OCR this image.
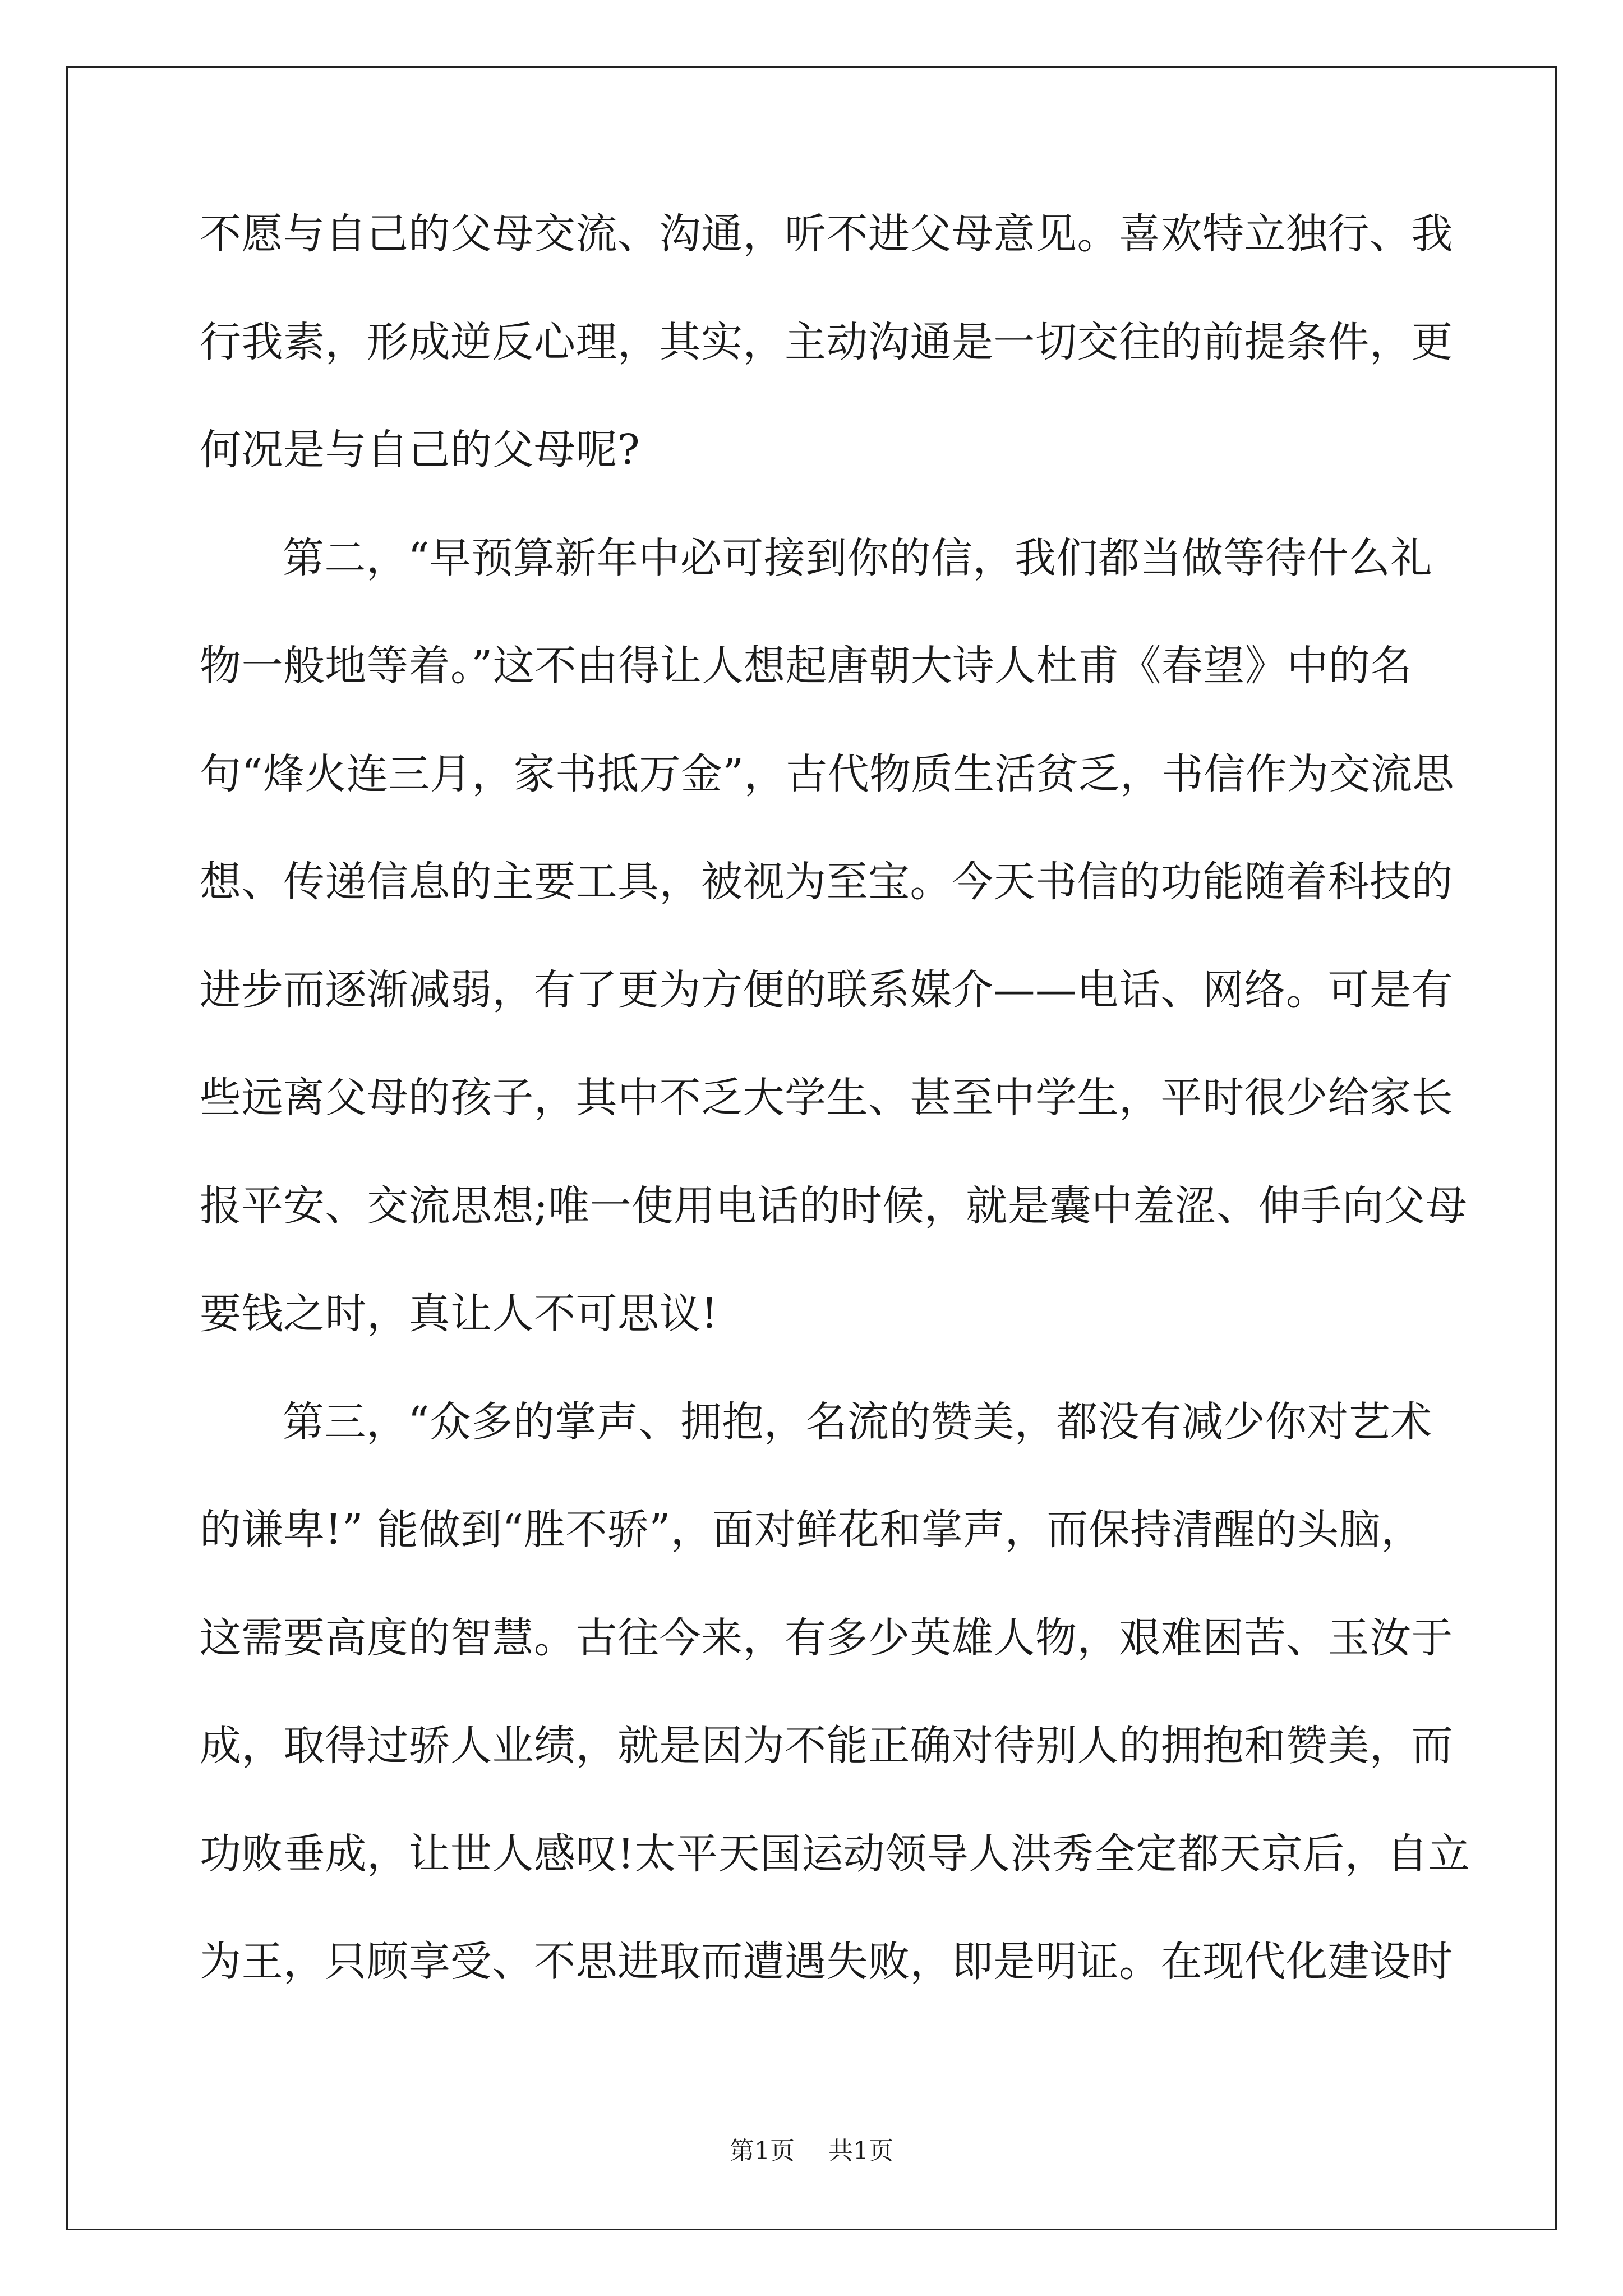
不愿与自己的父母交流、沟通，听不进父母意见。喜欢特立独行、我
行我素，形成逆反心理，其实，主动沟通是一切交往的前提条件，更
何况是与自己的父母呢?
第二，“早预算新年中必可接到你的信，我们都当做等待什么礼
物一般地等着。”这不由得让人想起唐朝大诗人杜甫《春望》中的名
句“烽火连三月，家书抵万金”，古代物质生活贫乏，书信作为交流思
想、传递信息的主要工具，被视为至宝。今天书信的功能随着科技的
进步而逐渐减弱，有了更为方便的联系媒介——电话、网络。可是有
些远离父母的孩子，其中不乏大学生、甚至中学生，平时很少给家长
报平安、交流思想;唯一使用电话的时候，就是囊中羞涩、伸手向父母
要钱之时，真让人不可思议!
第三，“众多的掌声、拥抱，名流的赞美，都没有减少你对艺术
的谦卑!” 能做到“胜不骄”，面对鲜花和掌声，而保持清醒的头脑，
这需要高度的智慧。古往今来，有多少英雄人物，艰难困苦、玉汝于
成，取得过骄人业绩，就是因为不能正确对待别人的拥抱和赞美，而
功败垂成，让世人感叹!太平天国运动领导人洪秀全定都天京后，自立
为王，只顾享受、不思进取而遭遇失败，即是明证。在现代化建设时
第1页 共1页
